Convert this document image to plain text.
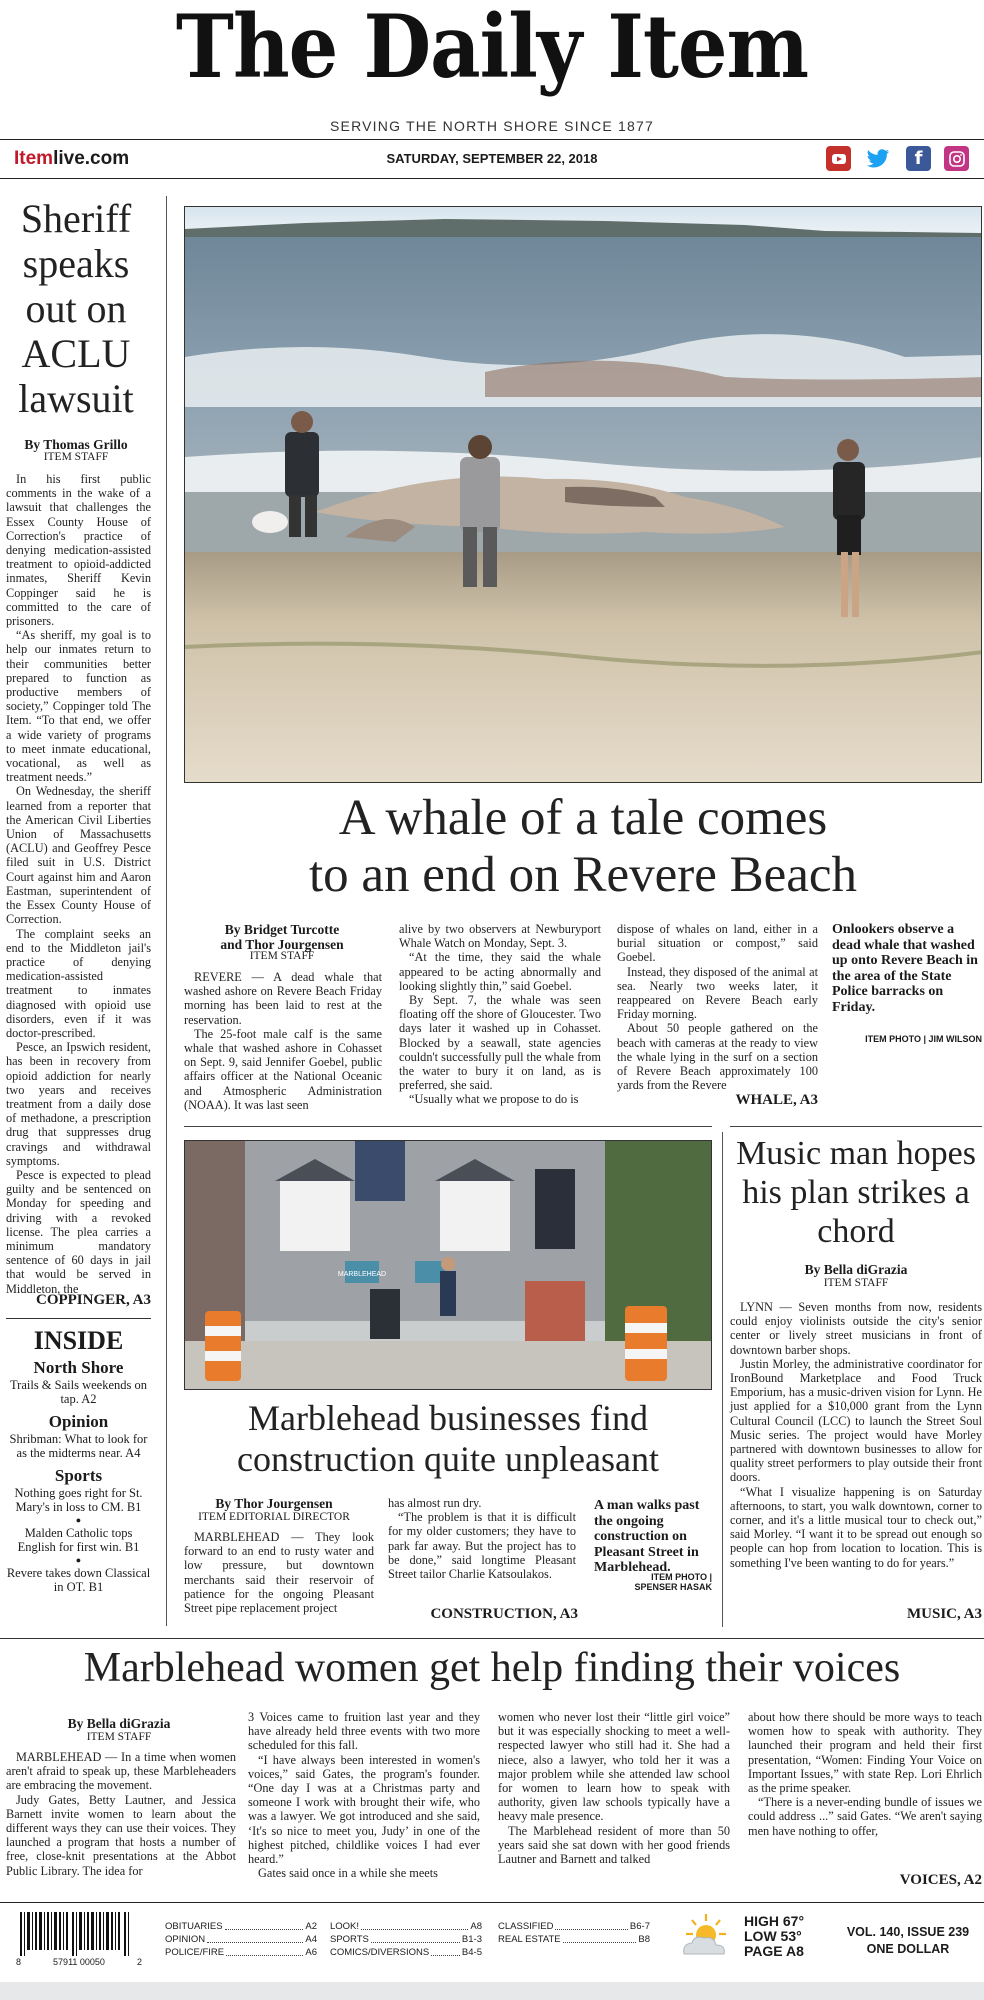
The Daily Item
SERVING THE NORTH SHORE SINCE 1877
Itemlive.com	SATURDAY, SEPTEMBER 22, 2018	f
Sheriff speaks out on ACLU lawsuit
By Thomas Grillo
ITEM STAFF

In his first public comments in the wake of a lawsuit that challenges the Essex County House of Correction's practice of denying medication-assisted treatment to opioid-addicted inmates, Sheriff Kevin Coppinger said he is committed to the care of prisoners.

“As sheriff, my goal is to help our inmates return to their communities better prepared to function as productive members of society,” Coppinger told The Item. “To that end, we offer a wide variety of programs to meet inmate educational, vocational, as well as treatment needs.”

On Wednesday, the sheriff learned from a reporter that the American Civil Liberties Union of Massachusetts (ACLU) and Geoffrey Pesce filed suit in U.S. District Court against him and Aaron Eastman, superintendent of the Essex County House of Correction.

The complaint seeks an end to the Middleton jail's practice of denying medication-assisted treatment to inmates diagnosed with opioid use disorders, even if it was doctor-prescribed.

Pesce, an Ipswich resident, has been in recovery from opioid addiction for nearly two years and receives treatment from a daily dose of methadone, a prescription drug that suppresses drug cravings and withdrawal symptoms.

Pesce is expected to plead guilty and be sentenced on Monday for speeding and driving with a revoked license. The plea carries a minimum mandatory sentence of 60 days in jail that would be served in Middleton, the

COPPINGER, A3
INSIDE
North Shore
Trails & Sails weekends on tap. A2
Opinion
Shribman: What to look for as the midterms near. A4
Sports
Nothing goes right for St. Mary's in loss to CM. B1
●
Malden Catholic tops English for first win. B1
●
Revere takes down Classical in OT. B1
A whale of a tale comes
to an end on Revere Beach
By Bridget Turcotte
and Thor Jourgensen
ITEM STAFF

REVERE — A dead whale that washed ashore on Revere Beach Friday morning has been laid to rest at the reservation.

The 25-foot male calf is the same whale that washed ashore in Cohasset on Sept. 9, said Jennifer Goebel, public affairs officer at the National Oceanic and Atmospheric Administration (NOAA). It was last seen

alive by two observers at Newburyport Whale Watch on Monday, Sept. 3.

“At the time, they said the whale appeared to be acting abnormally and looking slightly thin,” said Goebel.

By Sept. 7, the whale was seen floating off the shore of Gloucester. Two days later it washed up in Cohasset. Blocked by a seawall, state agencies couldn't successfully pull the whale from the water to bury it on land, as is preferred, she said.

“Usually what we propose to do is

dispose of whales on land, either in a burial situation or compost,” said Goebel.

Instead, they disposed of the animal at sea. Nearly two weeks later, it reappeared on Revere Beach early Friday morning.

About 50 people gathered on the beach with cameras at the ready to view the whale lying in the surf on a section of Revere Beach approximately 100 yards from the Revere

WHALE, A3
Onlookers observe a dead whale that washed up onto Revere Beach in the area of the State Police barracks on Friday.
ITEM PHOTO | JIM WILSON
MARBLEHEAD
Marblehead businesses find
construction quite unpleasant
By Thor Jourgensen
ITEM EDITORIAL DIRECTOR

MARBLEHEAD — They look forward to an end to rusty water and low pressure, but downtown merchants said their reservoir of patience for the ongoing Pleasant Street pipe replacement project

has almost run dry.

“The problem is that it is difficult for my older customers; they have to park far away. But the project has to be done,” said longtime Pleasant Street tailor Charlie Katsoulakos.

CONSTRUCTION, A3
A man walks past the ongoing construction on Pleasant Street in Marblehead.
ITEM PHOTO |
SPENSER HASAK
Music man hopes his plan strikes a chord
By Bella diGrazia
ITEM STAFF

LYNN — Seven months from now, residents could enjoy violinists outside the city's senior center or lively street musicians in front of downtown barber shops.

Justin Morley, the administrative coordinator for IronBound Marketplace and Food Truck Emporium, has a music-driven vision for Lynn. He just applied for a $10,000 grant from the Lynn Cultural Council (LCC) to launch the Street Soul Music series. The project would have Morley partnered with downtown businesses to allow for quality street performers to play outside their front doors.

“What I visualize happening is on Saturday afternoons, to start, you walk downtown, corner to corner, and it's a little musical tour to check out,” said Morley. “I want it to be spread out enough so people can hop from location to location. This is something I've been wanting to do for years.”

MUSIC, A3
Marblehead women get help finding their voices
By Bella diGrazia
ITEM STAFF

MARBLEHEAD — In a time when women aren't afraid to speak up, these Marbleheaders are embracing the movement.

Judy Gates, Betty Lautner, and Jessica Barnett invite women to learn about the different ways they can use their voices. They launched a program that hosts a number of free, close-knit presentations at the Abbot Public Library. The idea for

3 Voices came to fruition last year and they have already held three events with two more scheduled for this fall.

“I have always been interested in women's voices,” said Gates, the program's founder. “One day I was at a Christmas party and someone I work with brought their wife, who was a lawyer. We got introduced and she said, ‘It's so nice to meet you, Judy’ in one of the highest pitched, childlike voices I had ever heard.”

Gates said once in a while she meets

women who never lost their “little girl voice” but it was especially shocking to meet a well-respected lawyer who still had it. She had a niece, also a lawyer, who told her it was a major problem while she attended law school for women to learn how to speak with authority, given law schools typically have a heavy male presence.

The Marblehead resident of more than 50 years said she sat down with her good friends Lautner and Barnett and talked

about how there should be more ways to teach women how to speak with authority. They launched their program and held their first presentation, “Women: Finding Your Voice on Important Issues,” with state Rep. Lori Ehrlich as the prime speaker.

“There is a never-ending bundle of issues we could address ...” said Gates. “We aren't saying men have nothing to offer,

VOICES, A2
8	57911 00050	2
OBITUARIES	A2
OPINION	A4
POLICE/FIRE	A6
LOOK!	A8
SPORTS	B1-3
COMICS/DIVERSIONS	B4-5
CLASSIFIED	B6-7
REAL ESTATE	B8
HIGH 67°
LOW 53°
PAGE A8
VOL. 140, ISSUE 239
ONE DOLLAR
